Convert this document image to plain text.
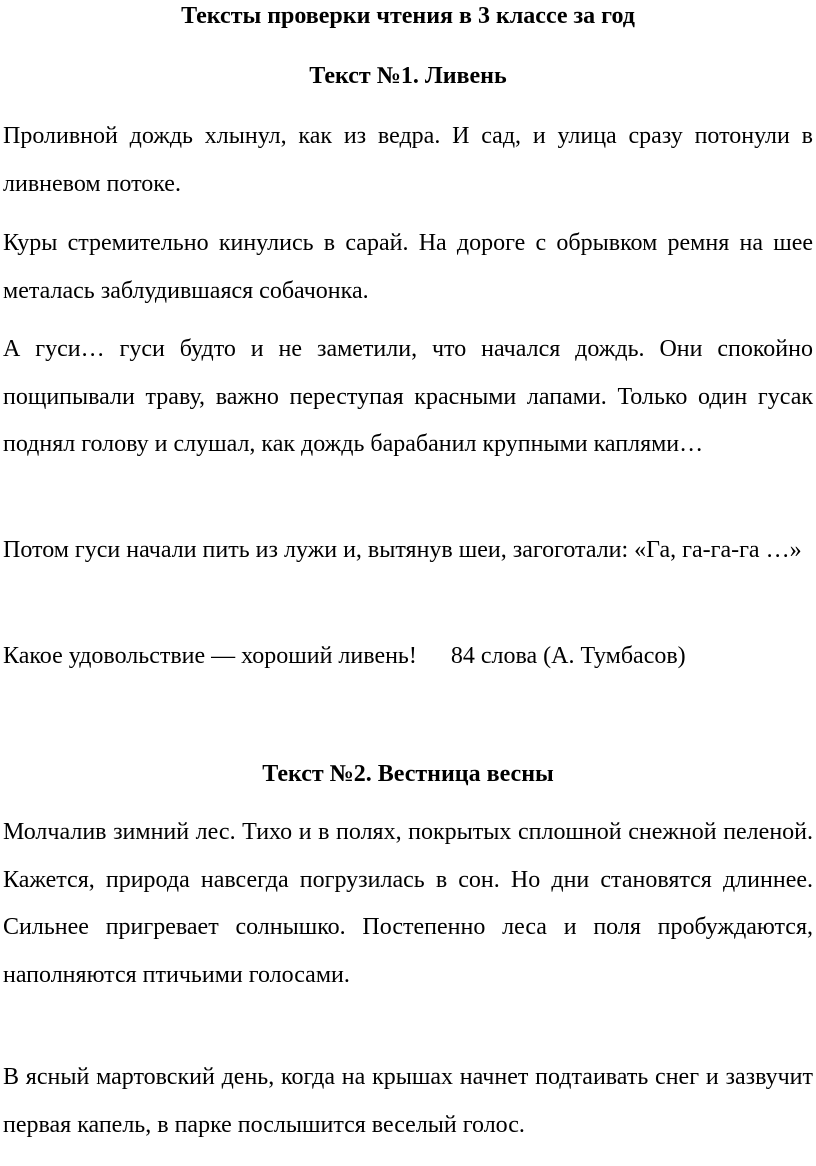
Тексты проверки чтения в 3 классе за год
Текст №1. Ливень

Проливной дождь хлынул, как из ведра. И сад, и улица сразу потонули в ливневом потоке.

Куры стремительно кинулись в сарай. На дороге с обрывком ремня на шее металась заблудившаяся собачонка.

А гуси… гуси будто и не заметили, что начался дождь. Они спокойно пощипывали траву, важно переступая красными лапами. Только один гусак поднял голову и слушал, как дождь барабанил крупными каплями…

Потом гуси начали пить из лужи и, вытянув шеи, загоготали: «Га, га-га-га …»

Какое удовольствие — хороший ливень! 84 слова (А. Тумбасов)

Текст №2. Вестница весны

Молчалив зимний лес. Тихо и в полях, покрытых сплошной снежной пеленой. Кажется, природа навсегда погрузилась в сон. Но дни становятся длиннее. Сильнее пригревает солнышко. Постепенно леса и поля пробуждаются, наполняются птичьими голосами.

В ясный мартовский день, когда на крышах начнет подтаивать снег и зазвучит первая капель, в парке послышится веселый голос.
